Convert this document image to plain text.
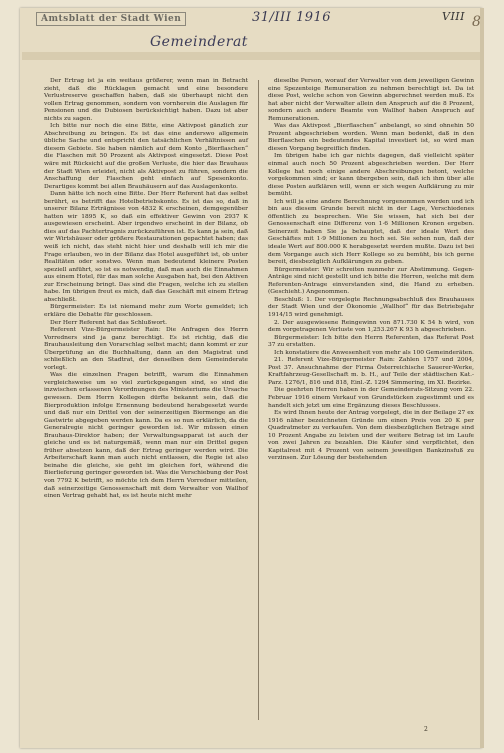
Amtsblatt der Stadt Wien	31/III 1916	VIII 8
Gemeinderat

Der Ertrag ist ja ein weitaus größerer, wenn man in Betracht zieht, daß die Rücklagen gemacht und eine besondere Verlustreserve geschaffen haben, daß sie überhaupt nicht den vollen Ertrag genommen, sondern von vornherein die Auslagen für Pensionen und die Dubiosen berücksichtigt haben. Dazu ist aber nichts zu sagen.

Ich bitte nur noch die eine Bitte, eine Aktivpost gänzlich zur Abschreibung zu bringen. Es ist das eine anderswo allgemein übliche Sache und entspricht den tatsächlichen Verhältnissen auf diesem Gebiete. Sie haben nämlich auf dem Konto „Bierflaschen“ die Flaschen mit 50 Prozent als Aktivpost eingesetzt. Diese Post wäre mit Rücksicht auf die großen Verluste, die hier das Brauhaus der Stadt Wien erleidet, nicht als Aktivpost zu führen, sondern die Anschaffung der Flaschen geht einfach auf Spesenkonto. Derartiges kommt bei allen Brauhäusern auf das Auslagenkonto.

Dann hätte ich noch eine Bitte. Der Herr Referent hat das selbst berührt, es betrifft das Hotelbetriebskonto. Es ist das so, daß in unserer Bilanz Erträgnisse von 4832 K erscheinen, demgegenüber hatten wir 1895 K, so daß ein effektiver Gewinn von 2937 K ausgewiesen erscheint. Aber irgendwo erscheint in der Bilanz, ob dies auf das Pachtertragnis zurückzuführen ist. Es kann ja sein, daß wir Wirtshäuser oder größere Restaurationen gepachtet haben; das weiß ich nicht, das steht nicht hier und deshalb will ich mir die Frage erlauben, wo in der Bilanz das Hotel ausgeführt ist, ob unter Realitäten oder sonstwo. Wenn man bedeutend kleinere Posten speziell anführt, so ist es notwendig, daß man auch die Einnahmen aus einem Hotel, für das man solche Ausgaben hat, bei den Aktiven zur Erscheinung bringt. Das sind die Fragen, welche ich zu stellen habe. Im übrigen freut es mich, daß das Geschäft mit einem Ertrag abschließt.

Bürgermeister: Es ist niemand mehr zum Worte gemeldet; ich erkläre die Debatte für geschlossen.

Der Herr Referent hat das Schlußwort.

Referent Vize-Bürgermeister Rain: Die Anfragen des Herrn Vorredners sind ja ganz berechtigt. Es ist richtig, daß die Brauhausleitung den Vorarschlag selbst macht; dann kommt er zur Überprüfung an die Buchhaltung, dann an den Magistrat und schließlich an den Stadtrat, der denselben dem Gemeinderate vorlegt.

Was die einzelnen Fragen betrifft, warum die Einnahmen vergleichsweise um so viel zurückgegangen sind, so sind die inzwischen erlassenen Verordnungen des Ministeriums die Ursache gewesen. Dem Herrn Kollegen dürfte bekannt sein, daß die Bierproduktion infolge Ernennung bedeutend herabgesetzt wurde und daß nur ein Drittel von der seinerzeitigen Biermenge an die Gastwirte abgegeben werden kann. Da es so nun erklärlich, da die Generalregie nicht geringer geworden ist. Wir müssen einen Brauhaus-Direktor haben; der Verwaltungsapparat ist auch der gleiche und es ist naturgemäß, wenn man nur ein Drittel gegen früher absetzen kann, daß der Ertrag geringer werden wird. Die Arbeiterschaft kann man auch nicht entlassen, die Regie ist also beinahe die gleiche, sie geht im gleichen fort, während die Bierlieferung geringer geworden ist. Was die Verschiebung der Post von 7792 K betrifft, so möchte ich dem Herrn Vorredner mitteilen, daß seinerzeitige Genossenschaft mit dem Verwalter von Wallhof einen Vertrag gehabt hat, es ist heute nicht mehr

dieselbe Person, worauf der Verwalter von dem jeweiligen Gewinn eine Spezenteige Remuneration zu nehmen berechtigt ist. Da ist diese Post, welche schon von Gewinn abgerechnet werden muß. Es hat aber nicht der Verwalter allein den Anspruch auf die 8 Prozent, sondern auch andere Beamte von Wallhof haben Anspruch auf Remunerationen.

Was das Aktivpost „Bierflaschen“ anbelangt, so sind ohnehin 50 Prozent abgeschrieben worden. Wenn man bedenkt, daß in den Bierflaschen ein bedeutendes Kapital investiert ist, so wird man diesen Vorgang begreiflich finden.

Im übrigen habe ich gar nichts dagegen, daß vielleicht später einmal auch noch 50 Prozent abgeschrieben werden. Der Herr Kollege hat noch einige andere Abschreibungen betont, welche vorgekommen sind; er kann übergeben sein, daß ich ihm über alle diese Posten aufklären will, wenn er sich wegen Aufklärung zu mir bemüht.

Ich will ja eine andere Berechnung vorgenommen werden und ich bin aus diesem Grunde bereit nicht in der Lage, Verschiedenes öffentlich zu besprechen. Wie Sie wissen, hat sich bei der Genossenschaft eine Differenz von 1·6 Millionen Kronen ergeben. Seinerzeit haben Sie ja behauptet, daß der ideale Wert des Geschäftes mit 1·9 Millionen zu hoch sei. Sie sehen nun, daß der ideale Wert auf 800.000 K herabgesetzt werden mußte. Dazu ist bei dem Vorgange auch sich Herr Kollege so zu bemüht, bis ich gerne bereit, diesbezüglich Aufklärungen zu geben.

Bürgermeister: Wir schreiten nunmehr zur Abstimmung. Gegen-Anträge sind nicht gestellt und ich bitte die Herren, welche mit dem Referenten-Antrage einverstanden sind, die Hand zu erheben. (Geschieht.) Angenommen.

Beschluß: 1. Der vorgelegte Rechnungsabschluß des Brauhauses der Stadt Wien und der Ökonomie „Wallhof“ für das Betriebsjahr 1914/15 wird genehmigt.

2. Der ausgewiesene Reingewinn von 871.730 K 54 h wird, von dem vorgetragenen Verluste von 1,253.267 K 93 h abgeschrieben.

Bürgermeister: Ich bitte den Herrn Referenten, das Referat Post 37 zu erstatten.

Ich konstatiere die Anwesenheit von mehr als 100 Gemeinderäten.

21. Referent Vize-Bürgermeister Rain: Zahlen 1757 und 2004, Post 37. Ansuchnahme der Firma Österreichische Sauerer-Werke, Kraftfahrzeug-Gesellschaft m. b. H., auf Teile der städtischen Kat.-Parz. 1276/1, 816 und 818, Einl.-Z. 1294 Simmering, im XI. Bezirke.

Die geehrten Herren haben in der Gemeinderats-Sitzung vom 22. Februar 1916 einem Verkauf von Grundstücken zugestimmt und es handelt sich jetzt um eine Ergänzung dieses Beschlusses.

Es wird Ihnen heute der Antrag vorgelegt, die in der Beilage 27 ex 1916 näher bezeichneten Gründe um einen Preis von 20 K per Quadratmeter zu verkaufen. Von dem diesbezüglichen Betrage sind 10 Prozent Angabe zu leisten und der weitere Betrag ist im Laufe von zwei Jahren zu bezahlen. Die Käufer sind verpflichtet, den Kapitalrest mit 4 Prozent von seinem jeweiligen Bankzinsfuß zu verzinsen. Zur Lösung der bestehenden

2
